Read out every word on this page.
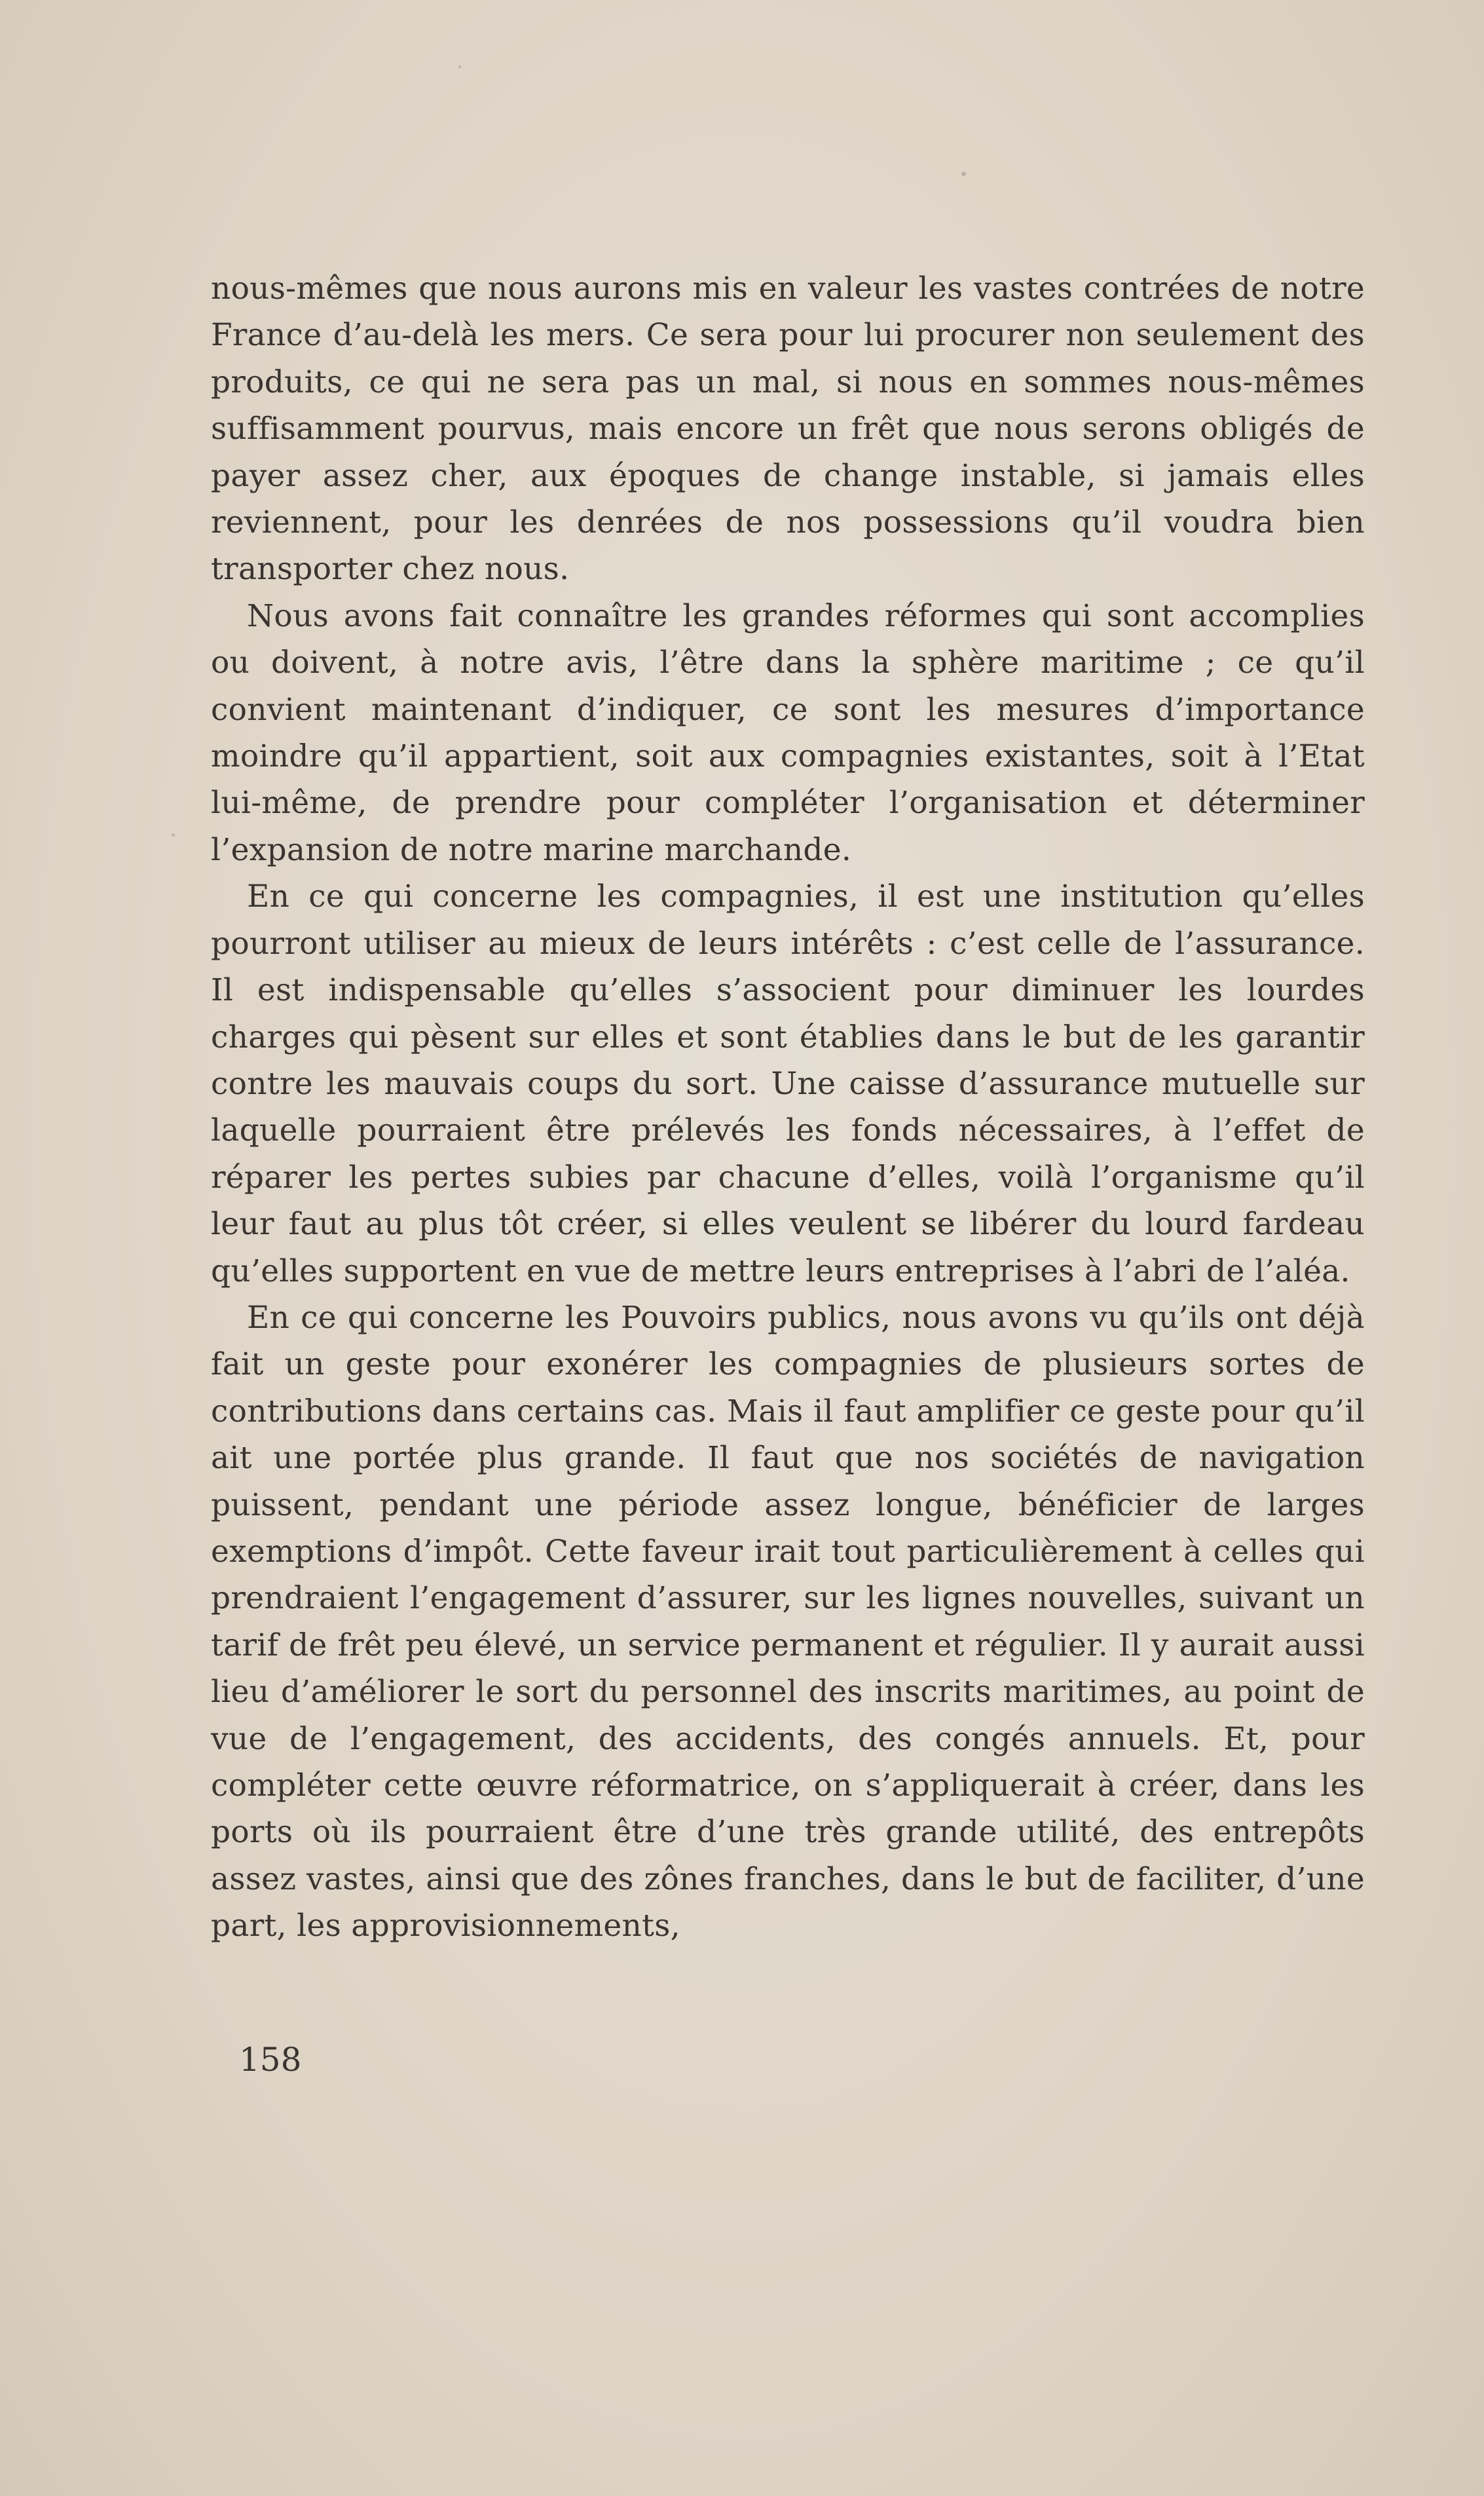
nous-mêmes que nous aurons mis en valeur les vastes contrées de notre France d’au-delà les mers. Ce sera pour lui procurer non seulement des produits, ce qui ne sera pas un mal, si nous en sommes nous-mêmes suffisamment pourvus, mais encore un frêt que nous serons obligés de payer assez cher, aux époques de change instable, si jamais elles reviennent, pour les denrées de nos possessions qu’il voudra bien transporter chez nous.

Nous avons fait connaître les grandes réformes qui sont accomplies ou doivent, à notre avis, l’être dans la sphère maritime ; ce qu’il convient maintenant d’indiquer, ce sont les mesures d’importance moindre qu’il appartient, soit aux compagnies existantes, soit à l’Etat lui-même, de prendre pour compléter l’organisation et déterminer l’expansion de notre marine marchande.

En ce qui concerne les compagnies, il est une institution qu’elles pourront utiliser au mieux de leurs intérêts : c’est celle de l’assurance. Il est indispensable qu’elles s’associent pour diminuer les lourdes charges qui pèsent sur elles et sont établies dans le but de les garantir contre les mauvais coups du sort. Une caisse d’assurance mutuelle sur laquelle pourraient être prélevés les fonds nécessaires, à l’effet de réparer les pertes subies par chacune d’elles, voilà l’organisme qu’il leur faut au plus tôt créer, si elles veulent se libérer du lourd fardeau qu’elles supportent en vue de mettre leurs entreprises à l’abri de l’aléa.

En ce qui concerne les Pouvoirs publics, nous avons vu qu’ils ont déjà fait un geste pour exonérer les compagnies de plusieurs sortes de contributions dans certains cas. Mais il faut amplifier ce geste pour qu’il ait une portée plus grande. Il faut que nos sociétés de navigation puissent, pendant une période assez longue, bénéficier de larges exemptions d’impôt. Cette faveur irait tout particulièrement à celles qui prendraient l’engagement d’assurer, sur les lignes nouvelles, suivant un tarif de frêt peu élevé, un service permanent et régulier. Il y aurait aussi lieu d’améliorer le sort du personnel des inscrits maritimes, au point de vue de l’engagement, des accidents, des congés annuels. Et, pour compléter cette œuvre réformatrice, on s’appliquerait à créer, dans les ports où ils pourraient être d’une très grande utilité, des entrepôts assez vastes, ainsi que des zônes franches, dans le but de faciliter, d’une part, les approvisionnements,

158
